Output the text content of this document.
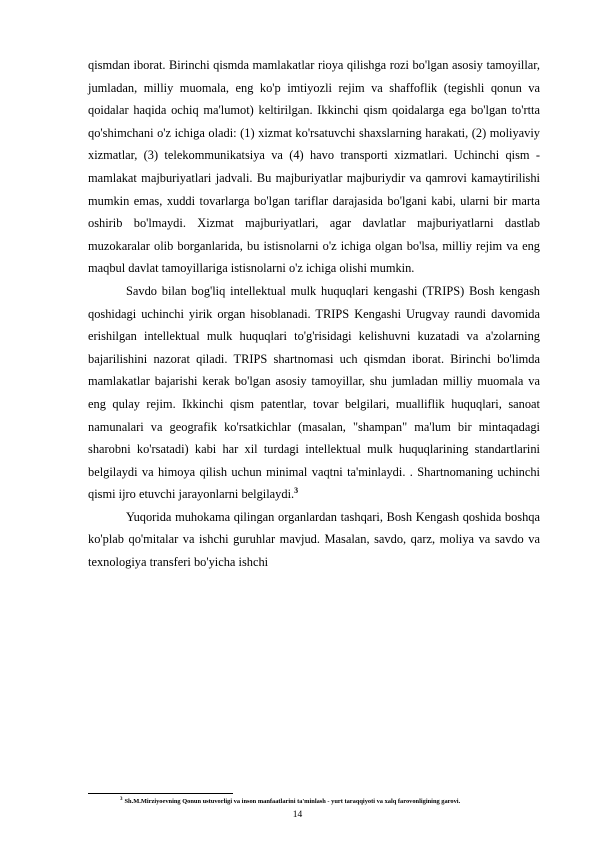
qismdan iborat. Birinchi qismda mamlakatlar rioya qilishga rozi bo'lgan asosiy tamoyillar, jumladan, milliy muomala, eng ko'p imtiyozli rejim va shaffoflik (tegishli qonun va qoidalar haqida ochiq ma'lumot) keltirilgan. Ikkinchi qism qoidalarga ega bo'lgan to'rtta qo'shimchani o'z ichiga oladi: (1) xizmat ko'rsatuvchi shaxslarning harakati, (2) moliyaviy xizmatlar, (3) telekommunikatsiya va (4) havo transporti xizmatlari. Uchinchi qism - mamlakat majburiyatlari jadvali. Bu majburiyatlar majburiydir va qamrovi kamaytirilishi mumkin emas, xuddi tovarlarga bo'lgan tariflar darajasida bo'lgani kabi, ularni bir marta oshirib bo'lmaydi. Xizmat majburiyatlari, agar davlatlar majburiyatlarni dastlab muzokaralar olib borganlarida, bu istisnolarni o'z ichiga olgan bo'lsa, milliy rejim va eng maqbul davlat tamoyillariga istisnolarni o'z ichiga olishi mumkin.

Savdo bilan bog'liq intellektual mulk huquqlari kengashi (TRIPS) Bosh kengash qoshidagi uchinchi yirik organ hisoblanadi. TRIPS Kengashi Urugvay raundi davomida erishilgan intellektual mulk huquqlari to'g'risidagi kelishuvni kuzatadi va a'zolarning bajarilishini nazorat qiladi. TRIPS shartnomasi uch qismdan iborat. Birinchi bo'limda mamlakatlar bajarishi kerak bo'lgan asosiy tamoyillar, shu jumladan milliy muomala va eng qulay rejim. Ikkinchi qism patentlar, tovar belgilari, mualliflik huquqlari, sanoat namunalari va geografik ko'rsatkichlar (masalan, "shampan" ma'lum bir mintaqadagi sharobni ko'rsatadi) kabi har xil turdagi intellektual mulk huquqlarining standartlarini belgilaydi va himoya qilish uchun minimal vaqtni ta'minlaydi. . Shartnomaning uchinchi qismi ijro etuvchi jarayonlarni belgilaydi.$^3$

Yuqorida muhokama qilingan organlardan tashqari, Bosh Kengash qoshida boshqa ko'plab qo'mitalar va ishchi guruhlar mavjud. Masalan, savdo, qarz, moliya va savdo va texnologiya transferi bo'yicha ishchi

$^3$ Sh.M.Mirziyoevning Qonun ustuvorligi va inson manfaatlarini ta'minlash - yurt taraqqiyoti va xalq farovonligining garovi.
14
